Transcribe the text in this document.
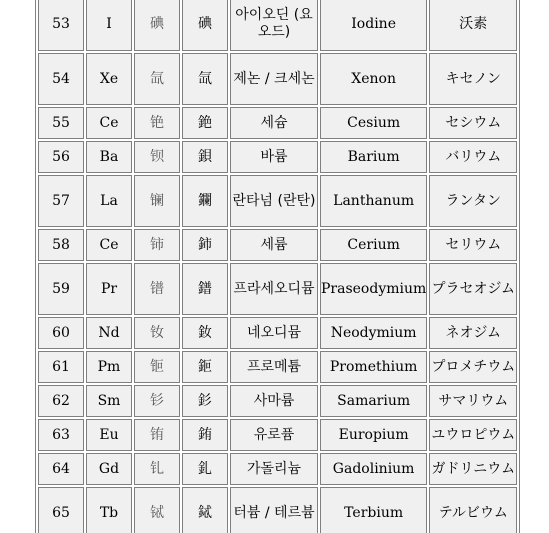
53	I	碘	碘	아이오딘 (요오드)	Iodine	沃素
54	Xe	氙	氙	제논 / 크세논	Xenon	キセノン
55	Ce	铯	銫	세슘	Cesium	セシウム
56	Ba	钡	鋇	바륨	Barium	バリウム
57	La	镧	鑭	란타넘 (란탄)	Lanthanum	ランタン
58	Ce	铈	鈰	세륨	Cerium	セリウム
59	Pr	镨	鐠	프라세오디뮴	Praseodymium	プラセオジム
60	Nd	钕	釹	네오디뮴	Neodymium	ネオジム
61	Pm	钷	鉕	프로메튬	Promethium	プロメチウム
62	Sm	钐	釤	사마륨	Samarium	サマリウム
63	Eu	铕	銪	유로퓸	Europium	ユウロピウム
64	Gd	钆	釓	가돌리늄	Gadolinium	ガドリニウム
65	Tb	铽	鋱	터븀 / 테르븀	Terbium	テルビウム
